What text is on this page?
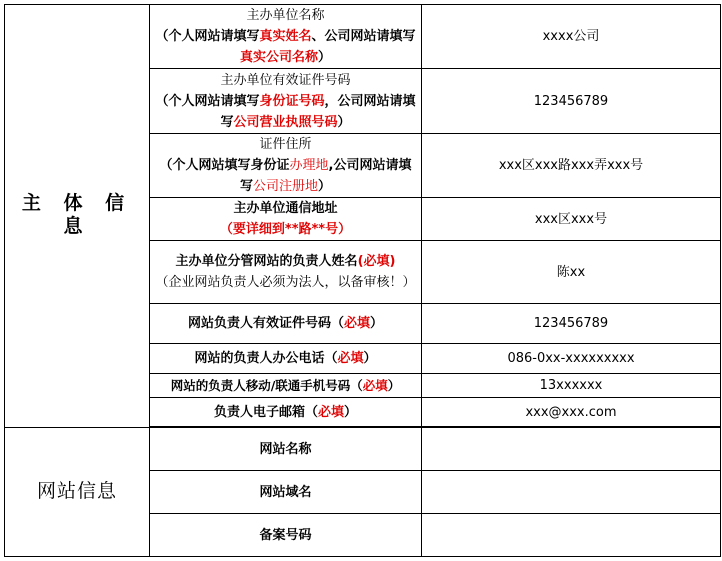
主 体 信 息	主办单位名称
（个人网站请填写真实姓名、公司网站请填写真实公司名称）	xxxx公司

	主办单位有效证件号码
（个人网站请填写身份证号码，公司网站请填写公司营业执照号码）	123456789

	证件住所
（个人网站填写身份证办理地,公司网站请填写公司注册地）	xxx区xxx路xxx弄xxx号

	主办单位通信地址
（要详细到**路**号）	xxx区xxx号

	主办单位分管网站的负责人姓名(必填)
（企业网站负责人必须为法人，以备审核！）	陈xx
	网站负责人有效证件号码（必填）	123456789
	网站的负责人办公电话（必填）	086-0xx-xxxxxxxxx
	网站的负责人移动/联通手机号码（必填）	13xxxxxx
	负责人电子邮箱（必填）	xxx@xxx.com

网站信息	网站名称	
	网站域名	
	备案号码	
